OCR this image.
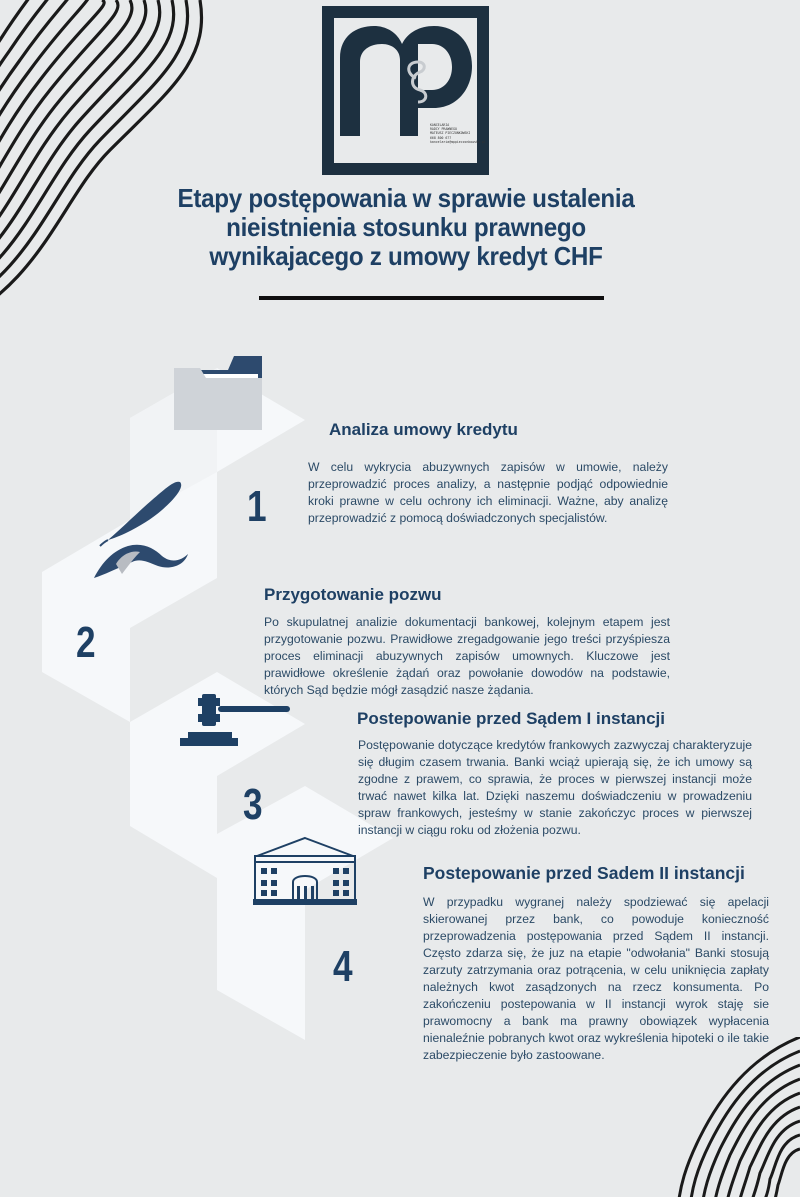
KANCELARIA
RADCY PRAWNEGO
MATEUSZ PIECZONKOWSKI
668 800 677
kancelaria@mppieczonkowski.pl
Etapy postępowania w sprawie ustalenia nieistnienia stosunku prawnego wynikajacego z umowy kredyt CHF
Analiza umowy kredytu
W celu wykrycia abuzywnych zapisów w umowie, należy przeprowadzić proces analizy, a następnie podjąć odpowiednie kroki prawne w celu ochrony ich eliminacji. Ważne, aby analizę przeprowadzić z pomocą doświadczonych specjalistów.
1
Przygotowanie pozwu
Po skupulatnej analizie dokumentacji bankowej, kolejnym etapem jest przygotowanie pozwu. Prawidłowe zregadgowanie jego treści przyśpiesza proces eliminacji abuzywnych zapisów umownych. Kluczowe jest prawidłowe określenie żądań oraz powołanie dowodów na podstawie, których Sąd będzie mógł zasądzić nasze żądania.
2
Postepowanie przed Sądem I instancji
Postępowanie dotyczące kredytów frankowych zazwyczaj charakteryzuje się długim czasem trwania. Banki wciąż upierają się, że ich umowy są zgodne z prawem, co sprawia, że proces w pierwszej instancji może trwać nawet kilka lat. Dzięki naszemu doświadczeniu w prowadzeniu spraw frankowych, jesteśmy w stanie zakończyc proces w pierwszej instancji w ciągu roku od złożenia pozwu.
3
Postepowanie przed Sadem II instancji
W przypadku wygranej należy spodziewać się apelacji skierowanej przez bank, co powoduje konieczność przeprowadzenia postępowania przed Sądem II instancji. Często zdarza się, że juz na etapie "odwołania" Banki stosują zarzuty zatrzymania oraz potrącenia, w celu uniknięcia zapłaty należnych kwot zasądzonych na rzecz konsumenta. Po zakończeniu postepowania w II instancji wyrok staję sie prawomocny a bank ma prawny obowiązek wypłacenia nienaleźnie pobranych kwot oraz wykreślenia hipoteki o ile takie zabezpieczenie było zastoowane.
4
